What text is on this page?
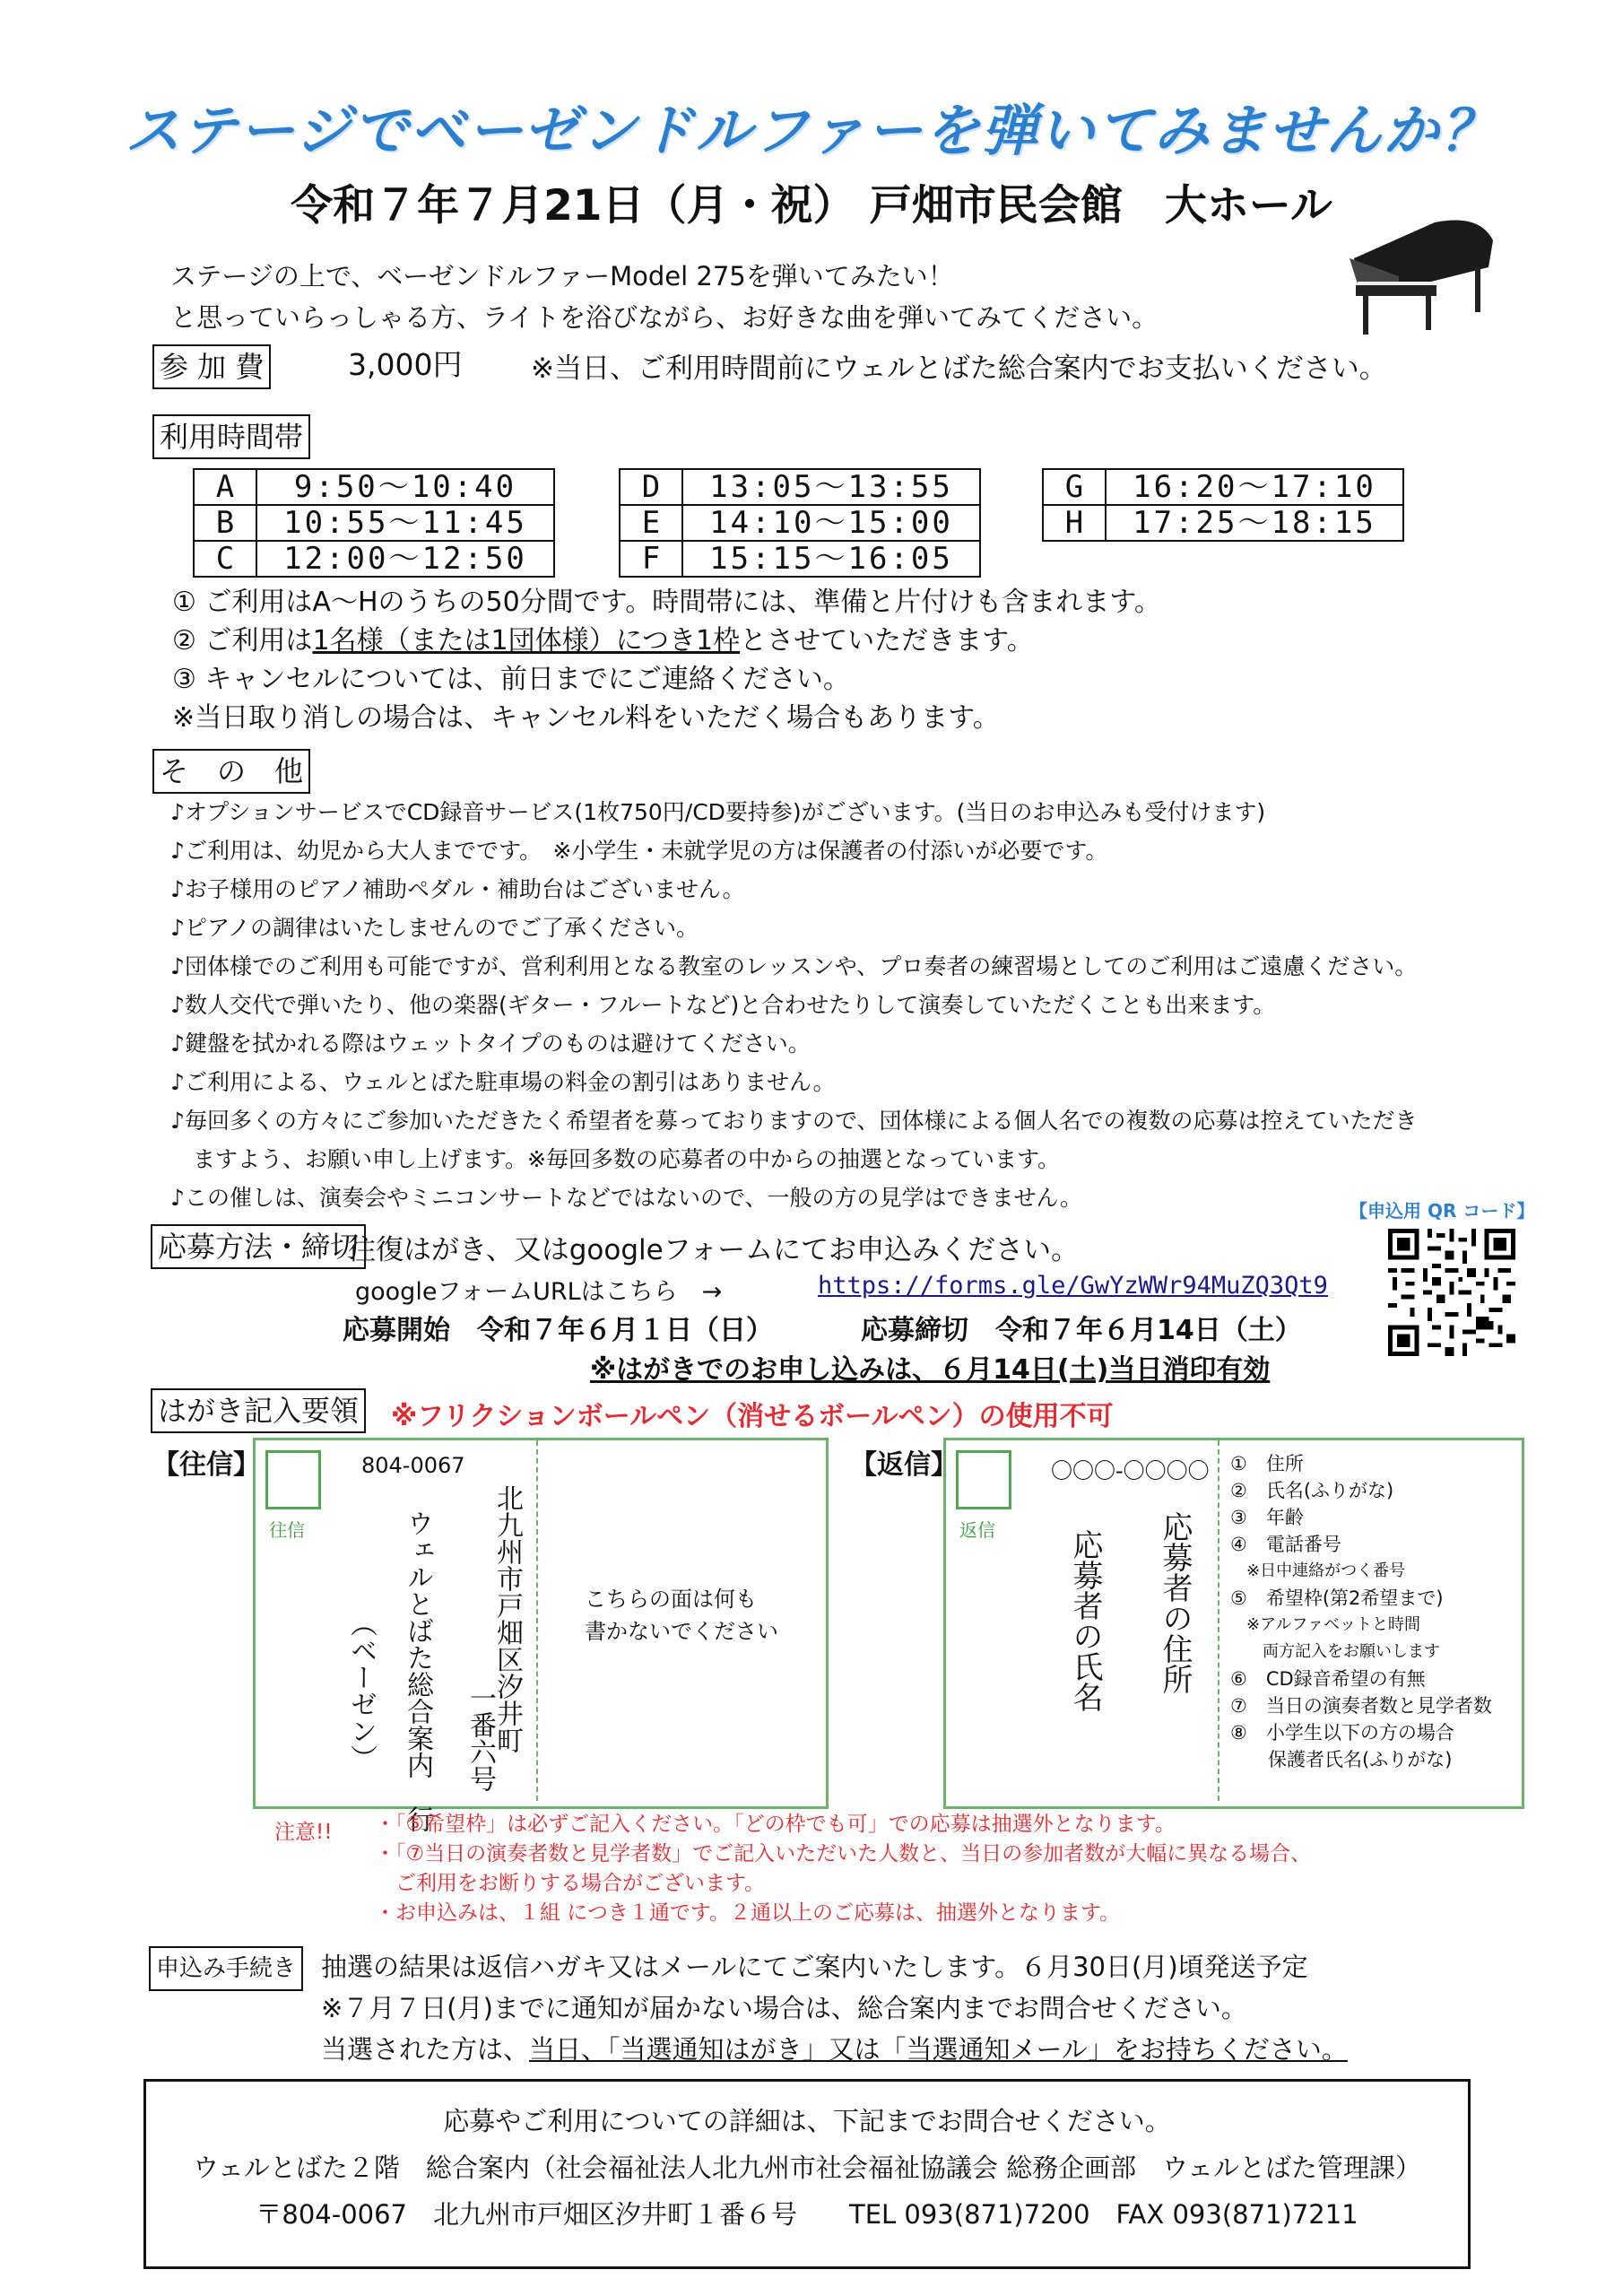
ステージでベーゼンドルファーを弾いてみませんか？
令和７年７月21日（月・祝） 戸畑市民会館　大ホール
ステージの上で、ベーゼンドルファーModel 275を弾いてみたい！
と思っていらっしゃる方、ライトを浴びながら、お好きな曲を弾いてみてください。
参 加 費	3,000円 ※当日、ご利用時間前にウェルとばた総合案内でお支払いください。
利用時間帯
A	9:50〜10:40
B	10:55〜11:45
C	12:00〜12:50
D	13:05〜13:55
E	14:10〜15:00
F	15:15〜16:05
G	16:20〜17:10
H	17:25〜18:15
① ご利用はA〜Hのうちの50分間です。時間帯には、準備と片付けも含まれます。
② ご利用は1名様（または1団体様）につき1枠とさせていただきます。
③ キャンセルについては、前日までにご連絡ください。
※当日取り消しの場合は、キャンセル料をいただく場合もあります。
そ　の　他
♪オプションサービスでCD録音サービス(1枚750円/CD要持参)がございます。(当日のお申込みも受付けます)
♪ご利用は、幼児から大人までです。　※小学生・未就学児の方は保護者の付添いが必要です。
♪お子様用のピアノ補助ペダル・補助台はございません。
♪ピアノの調律はいたしませんのでご了承ください。
♪団体様でのご利用も可能ですが、営利利用となる教室のレッスンや、プロ奏者の練習場としてのご利用はご遠慮ください。
♪数人交代で弾いたり、他の楽器(ギター・フルートなど)と合わせたりして演奏していただくことも出来ます。
♪鍵盤を拭かれる際はウェットタイプのものは避けてください。
♪ご利用による、ウェルとばた駐車場の料金の割引はありません。
♪毎回多くの方々にご参加いただきたく希望者を募っておりますので、団体様による個人名での複数の応募は控えていただき
　ますよう、お願い申し上げます。※毎回多数の応募者の中からの抽選となっています。
♪この催しは、演奏会やミニコンサートなどではないので、一般の方の見学はできません。	【申込用 QR コード】
応募方法・締切
往復はがき、又はgoogleフォームにてお申込みください。
googleフォームURLはこちら　→	https://forms.gle/GwYzWWr94MuZQ3Qt9
応募開始　令和７年６月１日（日）	応募締切　令和７年６月14日（土）
※はがきでのお申し込みは、６月14日(土)当日消印有効
はがき記入要領 ※フリクションボールペン（消せるボールペン）の使用不可
【往信】
往信
804-0067
北九州市戸畑区汐井町
一番六号
ウェルとばた総合案内　行
（ベーゼン）
こちらの面は何も
書かないでください
【返信】
返信
〇〇〇-〇〇〇〇
応募者の住所
応募者の氏名
①　住所
②　氏名(ふりがな)
③　年齢
④　電話番号
　※日中連絡がつく番号
⑤　希望枠(第2希望まで)
　※アルファベットと時間
　　両方記入をお願いします
⑥　CD録音希望の有無
⑦　当日の演奏者数と見学者数
⑧　小学生以下の方の場合
　　保護者氏名(ふりがな)
注意!! ・「⑤希望枠」は必ずご記入ください。「どの枠でも可」での応募は抽選外となります。
・「⑦当日の演奏者数と見学者数」でご記入いただいた人数と、当日の参加者数が大幅に異なる場合、
　ご利用をお断りする場合がございます。
・お申込みは、１組 につき１通です。２通以上のご応募は、抽選外となります。
申込み手続き 抽選の結果は返信ハガキ又はメールにてご案内いたします。６月30日(月)頃発送予定
※７月７日(月)までに通知が届かない場合は、総合案内までお問合せください。
当選された方は、当日、「当選通知はがき」又は「当選通知メール」をお持ちください。
応募やご利用についての詳細は、下記までお問合せください。
ウェルとばた２階　総合案内（社会福祉法人北九州市社会福祉協議会 総務企画部　ウェルとばた管理課）
〒804-0067　北九州市戸畑区汐井町１番６号　　TEL 093(871)7200　FAX 093(871)7211
